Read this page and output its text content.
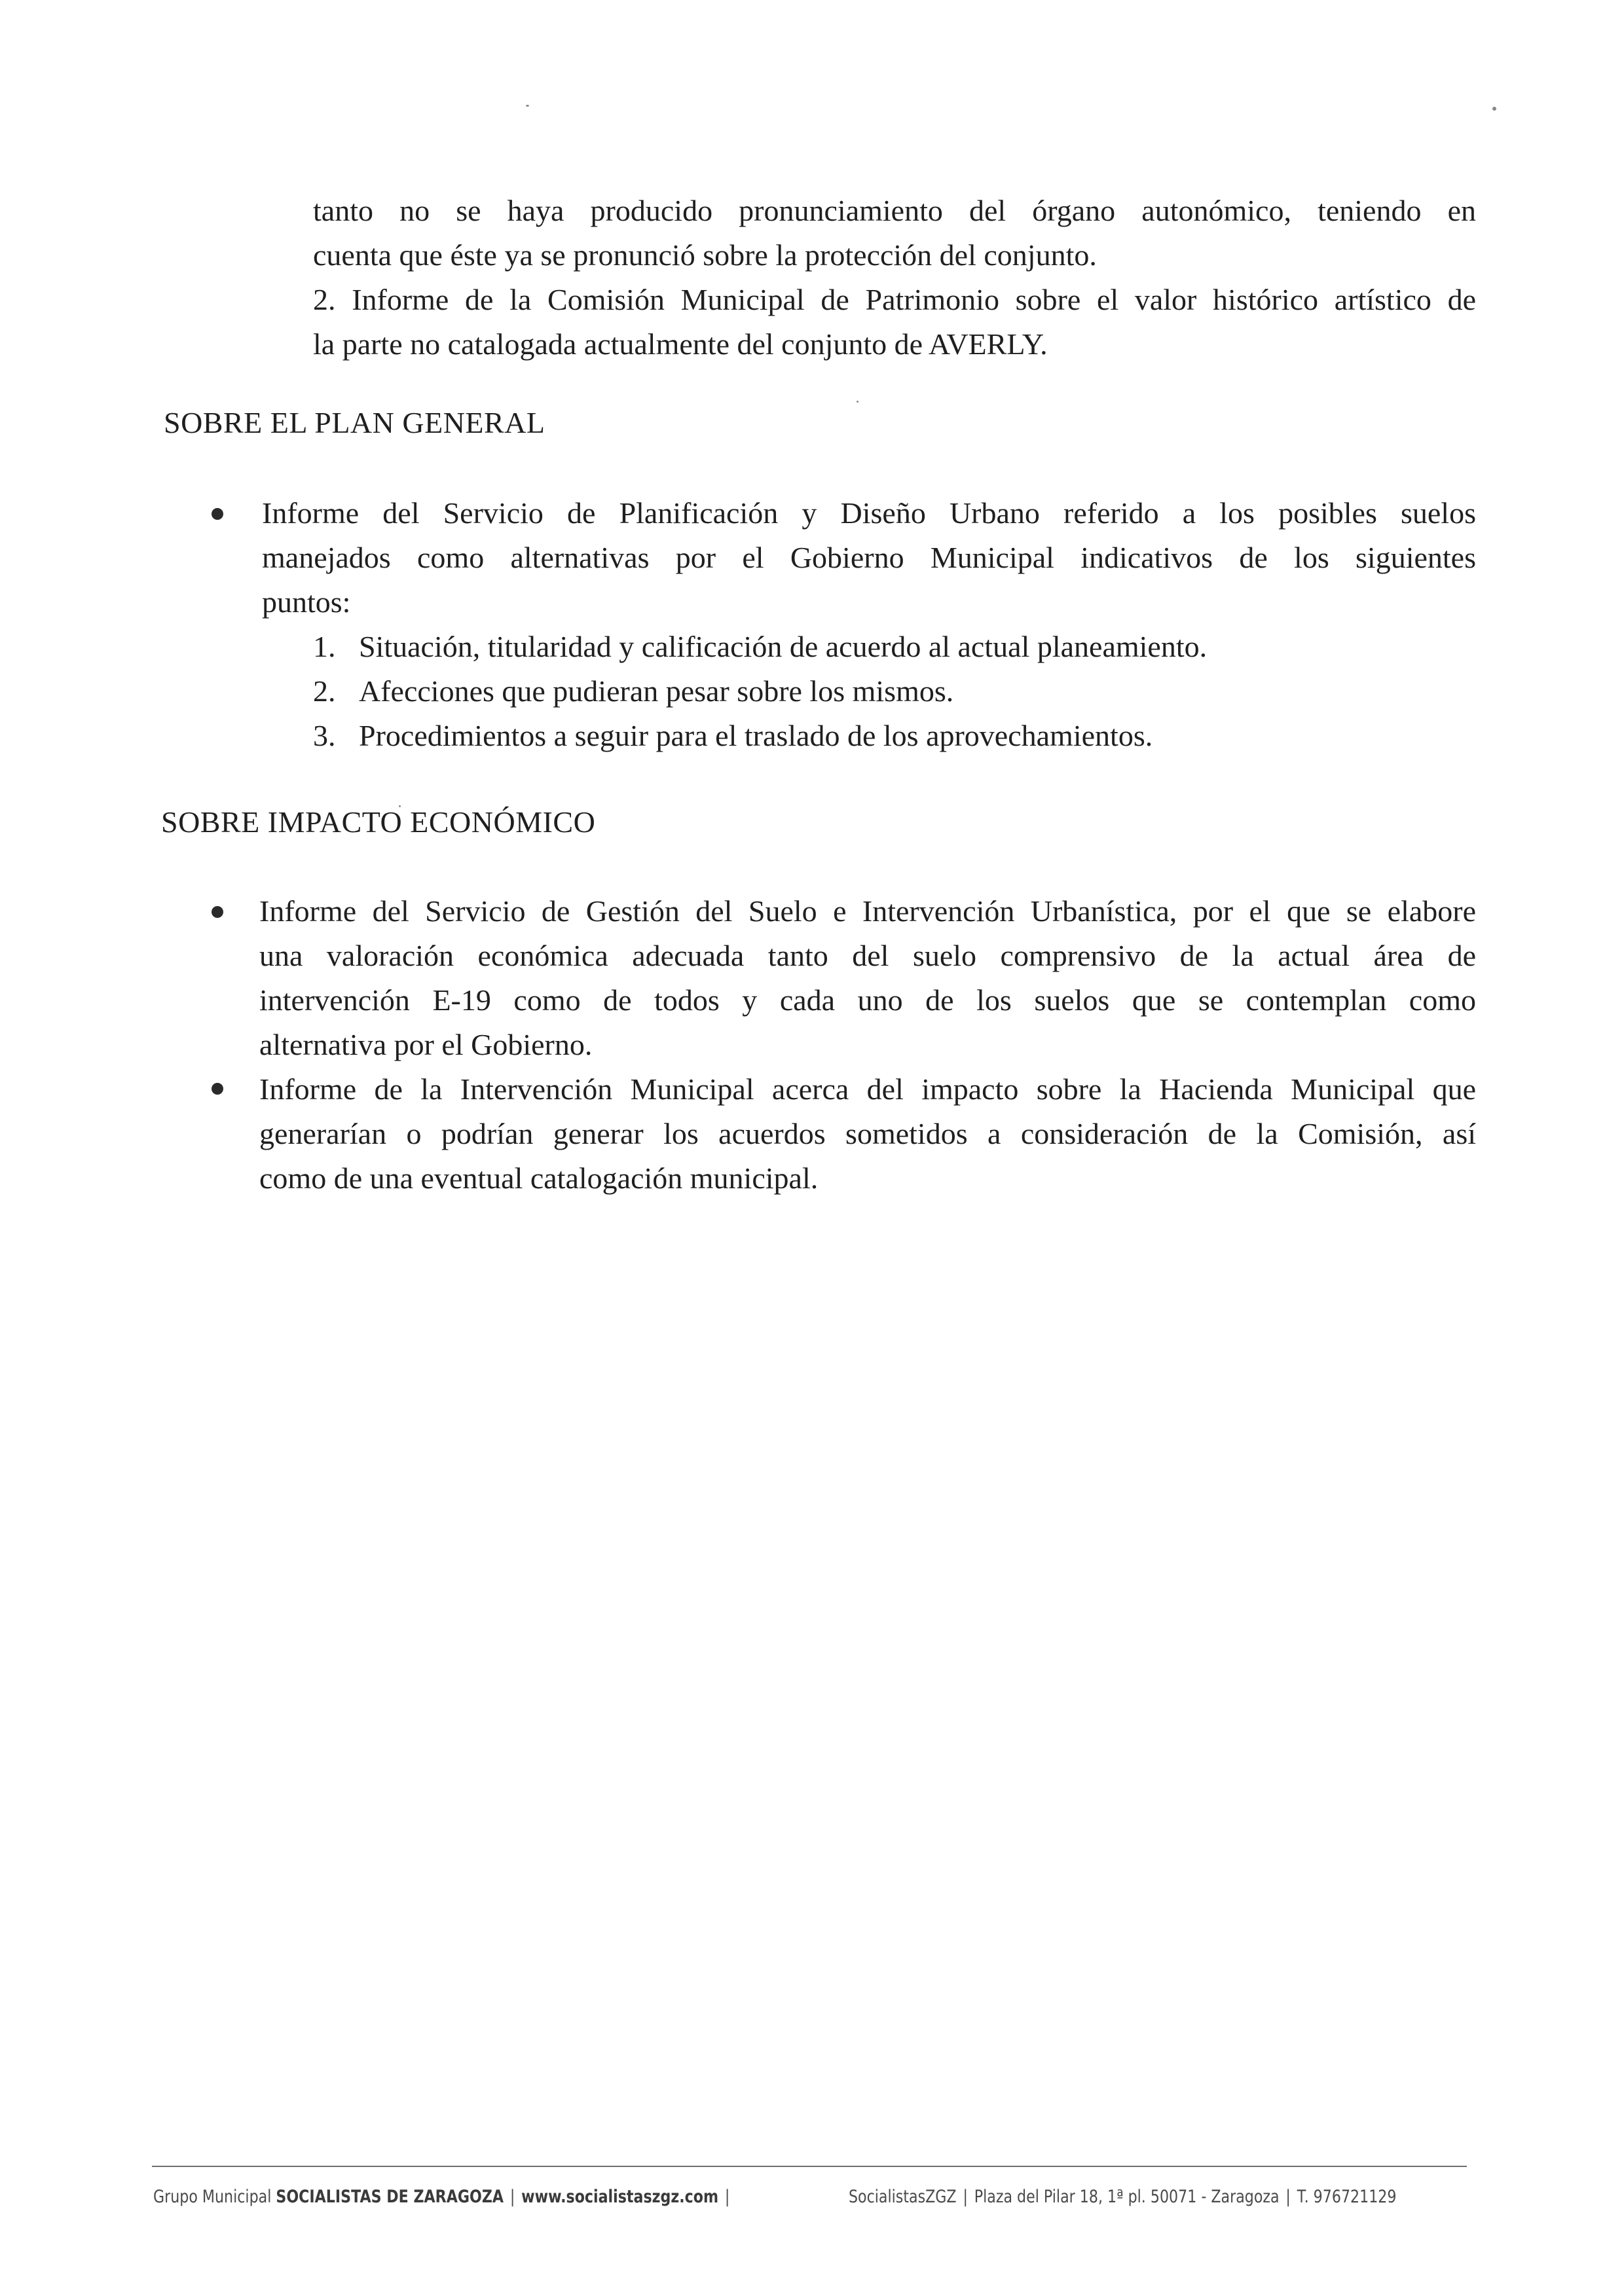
tanto no se haya producido pronunciamiento del órgano autonómico, teniendo en
cuenta que éste ya se pronunció sobre la protección del conjunto.
2. Informe de la Comisión Municipal de Patrimonio sobre el valor histórico artístico de
la parte no catalogada actualmente del conjunto de AVERLY.
SOBRE EL PLAN GENERAL
Informe del Servicio de Planificación y Diseño Urbano referido a los posibles suelos
manejados como alternativas por el Gobierno Municipal indicativos de los siguientes
puntos:
1. Situación, titularidad y calificación de acuerdo al actual planeamiento.
2. Afecciones que pudieran pesar sobre los mismos.
3. Procedimientos a seguir para el traslado de los aprovechamientos.
SOBRE IMPACTO ECONÓMICO
Informe del Servicio de Gestión del Suelo e Intervención Urbanística, por el que se elabore
una valoración económica adecuada tanto del suelo comprensivo de la actual área de
intervención E-19 como de todos y cada uno de los suelos que se contemplan como
alternativa por el Gobierno.
Informe de la Intervención Municipal acerca del impacto sobre la Hacienda Municipal que
generarían o podrían generar los acuerdos sometidos a consideración de la Comisión, así
como de una eventual catalogación municipal.
Grupo Municipal SOCIALISTAS DE ZARAGOZA | www.socialistaszgz.com |	SocialistasZGZ | Plaza del Pilar 18, 1ª pl. 50071 - Zaragoza | T. 976721129
